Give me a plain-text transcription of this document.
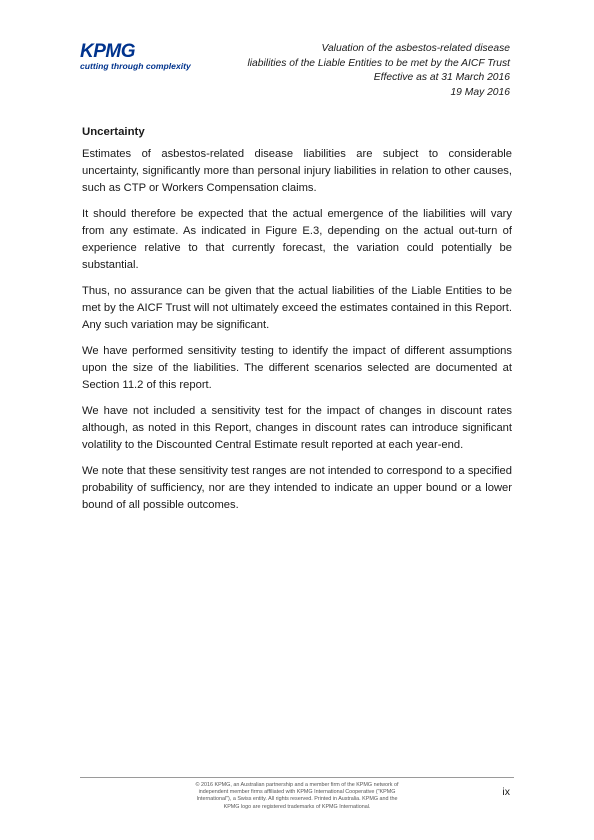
KPMG
cutting through complexity
Valuation of the asbestos-related disease
liabilities of the Liable Entities to be met by the AICF Trust
Effective as at 31 March 2016
19 May 2016
Uncertainty

Estimates of asbestos-related disease liabilities are subject to considerable uncertainty, significantly more than personal injury liabilities in relation to other causes, such as CTP or Workers Compensation claims.

It should therefore be expected that the actual emergence of the liabilities will vary from any estimate. As indicated in Figure E.3, depending on the actual out-turn of experience relative to that currently forecast, the variation could potentially be substantial.

Thus, no assurance can be given that the actual liabilities of the Liable Entities to be met by the AICF Trust will not ultimately exceed the estimates contained in this Report. Any such variation may be significant.

We have performed sensitivity testing to identify the impact of different assumptions upon the size of the liabilities. The different scenarios selected are documented at Section 11.2 of this report.

We have not included a sensitivity test for the impact of changes in discount rates although, as noted in this Report, changes in discount rates can introduce significant volatility to the Discounted Central Estimate result reported at each year-end.

We note that these sensitivity test ranges are not intended to correspond to a specified probability of sufficiency, nor are they intended to indicate an upper bound or a lower bound of all possible outcomes.

© 2016 KPMG, an Australian partnership and a member firm of the KPMG network of
independent member firms affiliated with KPMG International Cooperative ("KPMG
International"), a Swiss entity. All rights reserved. Printed in Australia. KPMG and the
KPMG logo are registered trademarks of KPMG International.
ix
